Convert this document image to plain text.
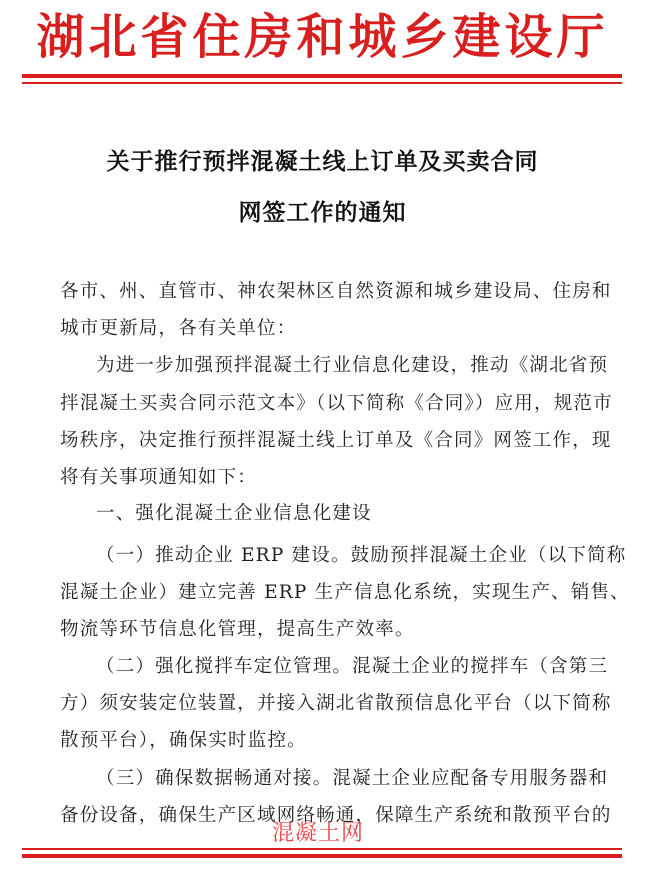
湖北省住房和城乡建设厅
关于推行预拌混凝土线上订单及买卖合同
网签工作的通知
各市、州、直管市、神农架林区自然资源和城乡建设局、住房和
城市更新局，各有关单位：
为进一步加强预拌混凝土行业信息化建设，推动《湖北省预
拌混凝土买卖合同示范文本》（以下简称《合同》）应用，规范市
场秩序，决定推行预拌混凝土线上订单及《合同》网签工作，现
将有关事项通知如下：
一、强化混凝土企业信息化建设
（一）推动企业 ERP 建设。鼓励预拌混凝土企业（以下简称
混凝土企业）建立完善 ERP 生产信息化系统，实现生产、销售、
物流等环节信息化管理，提高生产效率。
（二）强化搅拌车定位管理。混凝土企业的搅拌车（含第三
方）须安装定位装置，并接入湖北省散预信息化平台（以下简称
散预平台），确保实时监控。
（三）确保数据畅通对接。混凝土企业应配备专用服务器和
备份设备，确保生产区域网络畅通，保障生产系统和散预平台的
混凝土网
